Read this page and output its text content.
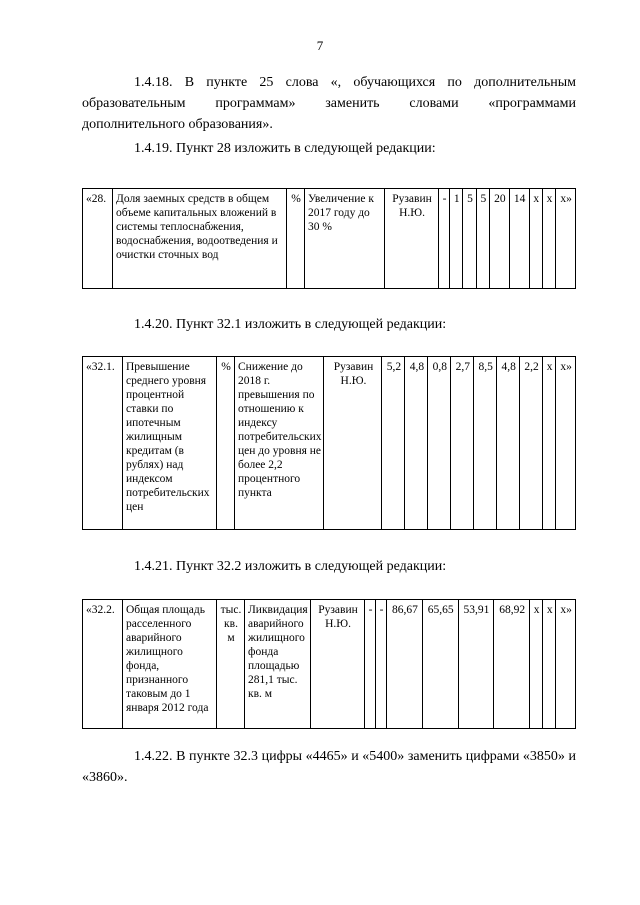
7
1.4.18. В пункте 25 слова «, обучающихся по дополнительным образовательным программам» заменить словами «программами дополнительного образования».
1.4.19. Пункт 28 изложить в следующей редакции:
«28.	Доля заемных средств в общем объеме капитальных вложений в системы теплоснабжения, водоснабжения, водоотведения и очистки сточных вод	%	Увеличение к 2017 году до 30 %	Рузавин Н.Ю.	-	1	5	5	20	14	х	х	х»
1.4.20. Пункт 32.1 изложить в следующей редакции:
«32.1.	Превышение среднего уровня процентной ставки по ипотечным жилищным кредитам (в рублях) над индексом потребительских цен	%	Снижение до 2018 г. превышения по отношению к индексу потребительских цен до уровня не более 2,2 процентного пункта	Рузавин Н.Ю.	5,2	4,8	0,8	2,7	8,5	4,8	2,2	х	х»
1.4.21. Пункт 32.2 изложить в следующей редакции:
«32.2.	Общая площадь расселенного аварийного жилищного фонда, признанного таковым до 1 января 2012 года	тыс. кв. м	Ликвидация аварийного жилищного фонда площадью 281,1 тыс. кв. м	Рузавин Н.Ю.	-	-	86,67	65,65	53,91	68,92	х	х	х»
1.4.22. В пункте 32.3 цифры «4465» и «5400» заменить цифрами «3850» и «3860».
